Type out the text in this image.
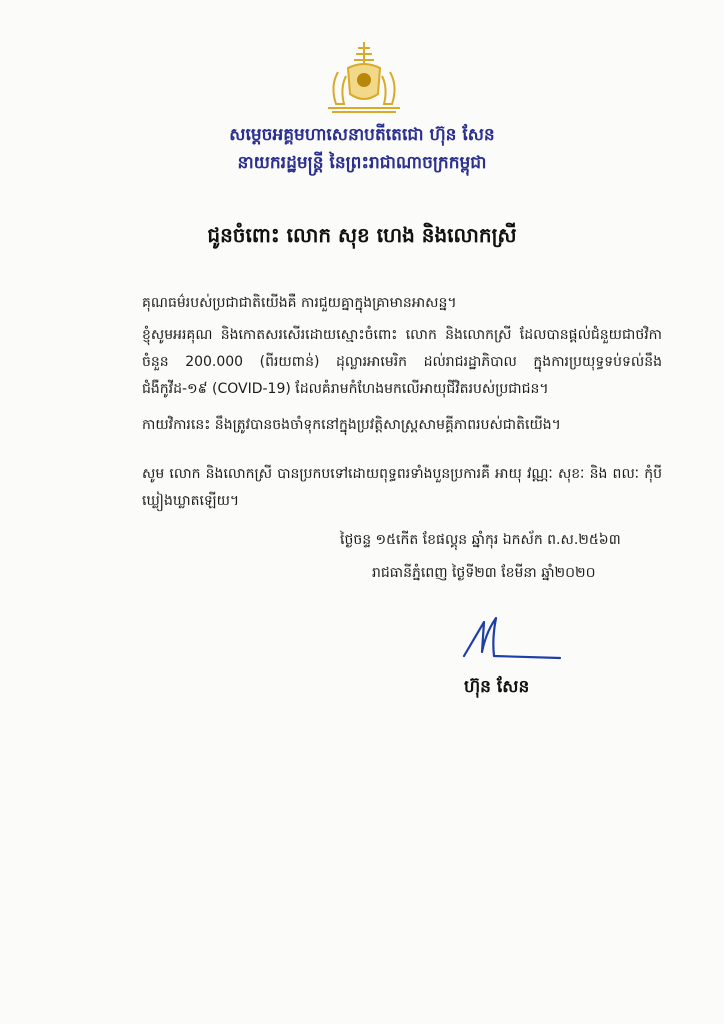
សម្ដេចអគ្គមហាសេនាបតីតេជោ ហ៊ុន សែន
នាយករដ្ឋមន្ត្រី នៃព្រះរាជាណាចក្រកម្ពុជា
ជូនចំពោះ លោក សុខ ហេង និងលោកស្រី
គុណធម៌របស់ប្រជាជាតិយើងគឺ ការជួយគ្នាក្នុងគ្រាមានអាសន្ន។
ខ្ញុំសូមអរគុណ និងកោតសរសើរដោយស្មោះចំពោះ លោក និងលោកស្រី ដែលបានផ្ដល់ជំនួយជាថវិកាចំនួន 200.000 (ពីរយពាន់) ដុល្លារអាមេរិក ដល់រាជរដ្ឋាភិបាល ក្នុងការប្រយុទ្ធទប់ទល់នឹងជំងឺកូវីដ-១៩ (COVID-19) ដែលគំរាមកំហែងមកលើអាយុជីវិតរបស់ប្រជាជន។
កាយវិការនេះ នឹងត្រូវបានចងចាំទុកនៅក្នុងប្រវត្តិសាស្ត្រសាមគ្គីភាពរបស់ជាតិយើង។
សូម លោក និងលោកស្រី បានប្រកបទៅដោយពុទ្ធពរទាំងបួនប្រការគឺ អាយុ វណ្ណៈ សុខៈ និង ពលៈ កុំបីឃ្លៀងឃ្លាតឡើយ។
ថ្ងៃចន្ទ ១៥កើត ខែផល្គុន ឆ្នាំកុរ ឯកស័ក ព.ស.២៥៦៣
រាជធានីភ្នំពេញ ថ្ងៃទី២៣ ខែមីនា ឆ្នាំ២០២០
ហ៊ុន សែន
